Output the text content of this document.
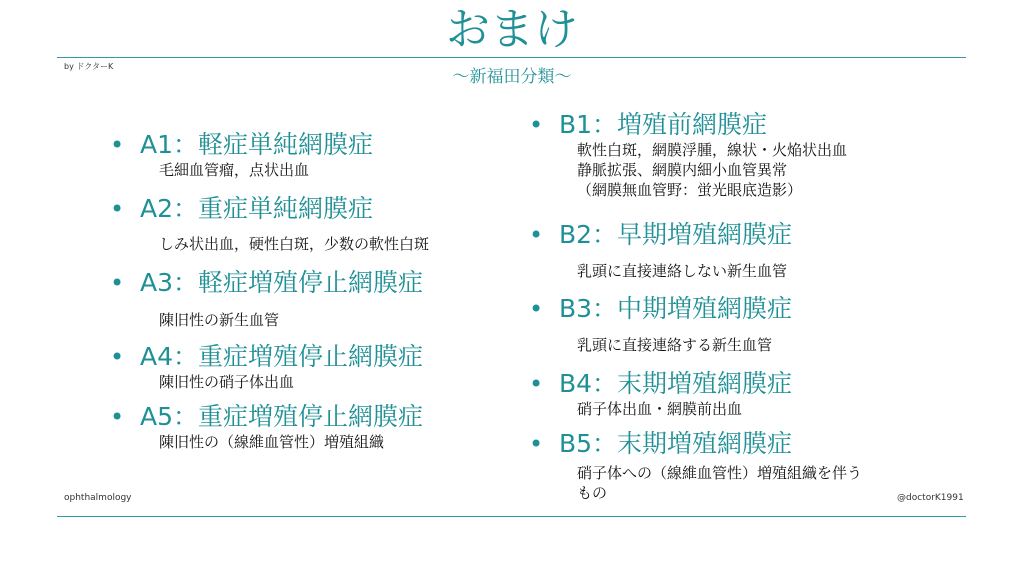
おまけ
by ドクターK
〜新福田分類〜
• A1：軽症単純網膜症
毛細血管瘤，点状出血
• A2：重症単純網膜症
しみ状出血，硬性白斑，少数の軟性白斑
• A3：軽症増殖停止網膜症
陳旧性の新生血管
• A4：重症増殖停止網膜症
陳旧性の硝子体出血
• A5：重症増殖停止網膜症
陳旧性の（線維血管性）増殖組織
• B1：増殖前網膜症
軟性白斑，網膜浮腫，線状・火焔状出血
静脈拡張、網膜内細小血管異常
（網膜無血管野：蛍光眼底造影）
• B2：早期増殖網膜症
乳頭に直接連絡しない新生血管
• B3：中期増殖網膜症
乳頭に直接連絡する新生血管
• B4：末期増殖網膜症
硝子体出血・網膜前出血
• B5：末期増殖網膜症
硝子体への（線維血管性）増殖組織を伴う
もの
ophthalmology	@doctorK1991
